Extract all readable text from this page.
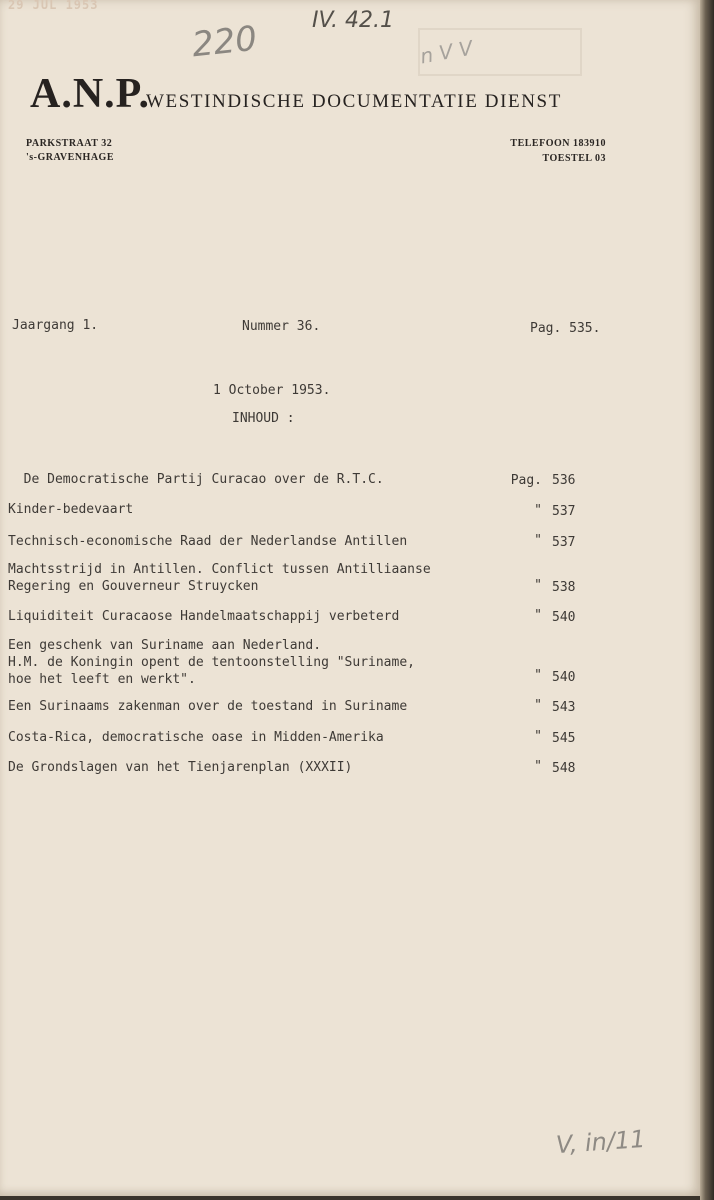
29 JUL 1953
220 IV. 42.1
n V V
A.N.P.
WESTINDISCHE DOCUMENTATIE DIENST
PARKSTRAAT 32
's-GRAVENHAGE
TELEFOON 183910
TOESTEL 03
Jaargang 1.	Nummer 36.	Pag. 535.
1 October 1953.
INHOUD :
De Democratische Partij Curacao over de R.T.C.	Pag. 536
Kinder-bedevaart	" 537
Technisch-economische Raad der Nederlandse Antillen	" 537
Machtsstrijd in Antillen. Conflict tussen Antilliaanse
Regering en Gouverneur Struycken	" 538
Liquiditeit Curacaose Handelmaatschappij verbeterd	" 540
Een geschenk van Suriname aan Nederland.
H.M. de Koningin opent de tentoonstelling "Suriname,
hoe het leeft en werkt".	" 540
Een Surinaams zakenman over de toestand in Suriname	" 543
Costa-Rica, democratische oase in Midden-Amerika	" 545
De Grondslagen van het Tienjarenplan (XXXII)	" 548
V, in/11
